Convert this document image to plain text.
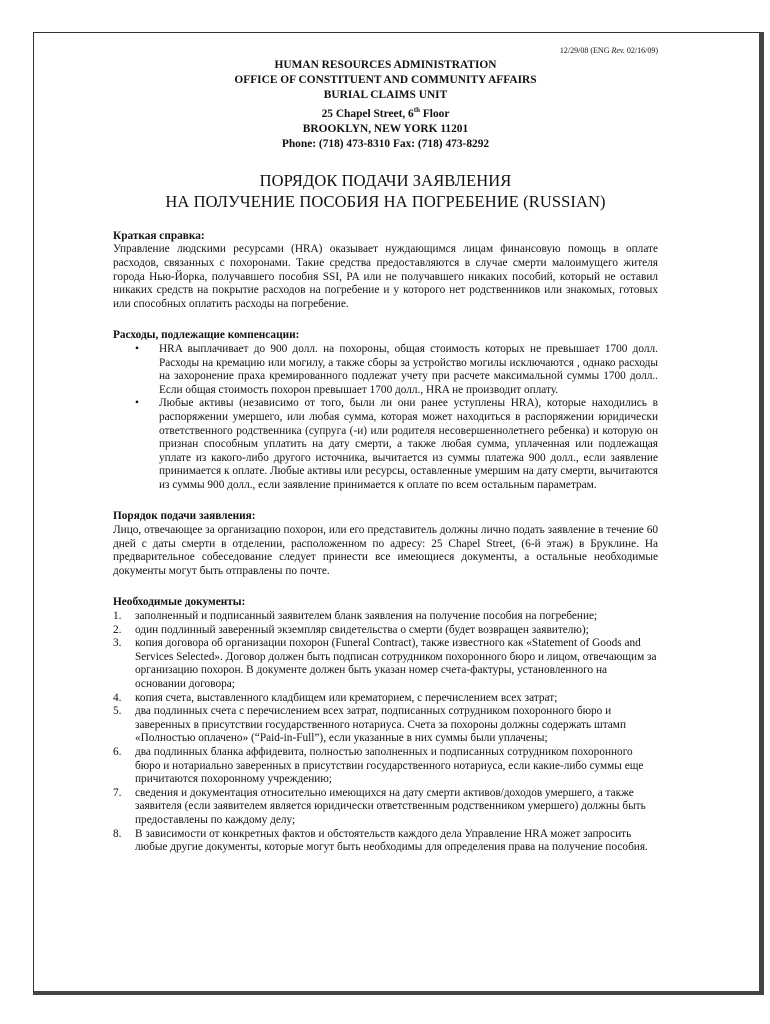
12/29/08 (ENG Rev. 02/16/09)
HUMAN RESOURCES ADMINISTRATION
OFFICE OF CONSTITUENT AND COMMUNITY AFFAIRS
BURIAL CLAIMS UNIT
25 Chapel Street, 6th Floor
BROOKLYN, NEW YORK 11201
Phone: (718) 473-8310 Fax: (718) 473-8292
ПОРЯДОК ПОДАЧИ ЗАЯВЛЕНИЯ
НА ПОЛУЧЕНИЕ ПОСОБИЯ НА ПОГРЕБЕНИЕ (RUSSIAN)
Краткая справка:

Управление людскими ресурсами (HRA) оказывает нуждающимся лицам финансовую помощь в оплате расходов, связанных с похоронами. Такие средства предоставляются в случае смерти малоимущего жителя города Нью-Йорка, получавшего пособия SSI, PA или не получавшего никаких пособий, который не оставил никаких средств на покрытие расходов на погребение и у которого нет родственников или знакомых, готовых или способных оплатить расходы на погребение.

Расходы, подлежащие компенсации:
• HRA выплачивает до 900 долл. на похороны, общая стоимость которых не превышает 1700 долл. Расходы на кремацию или могилу, а также сборы за устройство могилы исключаются , однако расходы на захоронение праха кремированного подлежат учету при расчете максимальной суммы 1700 долл.. Если общая стоимость похорон превышает 1700 долл., HRA не производит оплату.
• Любые активы (независимо от того, были ли они ранее уступлены HRA), которые находились в распоряжении умершего, или любая сумма, которая может находиться в распоряжении юридически ответственного родственника (супруга (-и) или родителя несовершеннолетнего ребенка) и которую он признан способным уплатить на дату смерти, а также любая сумма, уплаченная или подлежащая уплате из какого-либо другого источника, вычитается из суммы платежа 900 долл., если заявление принимается к оплате. Любые активы или ресурсы, оставленные умершим на дату смерти, вычитаются из суммы 900 долл., если заявление принимается к оплате по всем остальным параметрам.
Порядок подачи заявления:

Лицо, отвечающее за организацию похорон, или его представитель должны лично подать заявление в течение 60 дней с даты смерти в отделении, расположенном по адресу: 25 Chapel Street, (6-й этаж) в Бруклине. На предварительное собеседование следует принести все имеющиеся документы, а остальные необходимые документы могут быть отправлены по почте.

Необходимые документы:
1. заполненный и подписанный заявителем бланк заявления на получение пособия на погребение;
2. один подлинный заверенный экземпляр свидетельства о смерти (будет возвращен заявителю);
3. копия договора об организации похорон (Funeral Contract), также известного как «Statement of Goods and Services Selected». Договор должен быть подписан сотрудником похоронного бюро и лицом, отвечающим за организацию похорон. В документе должен быть указан номер счета-фактуры, установленного на основании договора;
4. копия счета, выставленного кладбищем или крематорием, с перечислением всех затрат;
5. два подлинных счета с перечислением всех затрат, подписанных сотрудником похоронного бюро и заверенных в присутствии государственного нотариуса. Счета за похороны должны содержать штамп «Полностью оплачено» (“Paid-in-Full”), если указанные в них суммы были уплачены;
6. два подлинных бланка аффидевита, полностью заполненных и подписанных сотрудником похоронного бюро и нотариально заверенных в присутствии государственного нотариуса, если какие-либо суммы еще причитаются похоронному учреждению;
7. сведения и документация относительно имеющихся на дату смерти активов/доходов умершего, а также заявителя (если заявителем является юридически ответственным родственником умершего) должны быть предоставлены по каждому делу;
8. В зависимости от конкретных фактов и обстоятельств каждого дела Управление HRA может запросить любые другие документы, которые могут быть необходимы для определения права на получение пособия.
